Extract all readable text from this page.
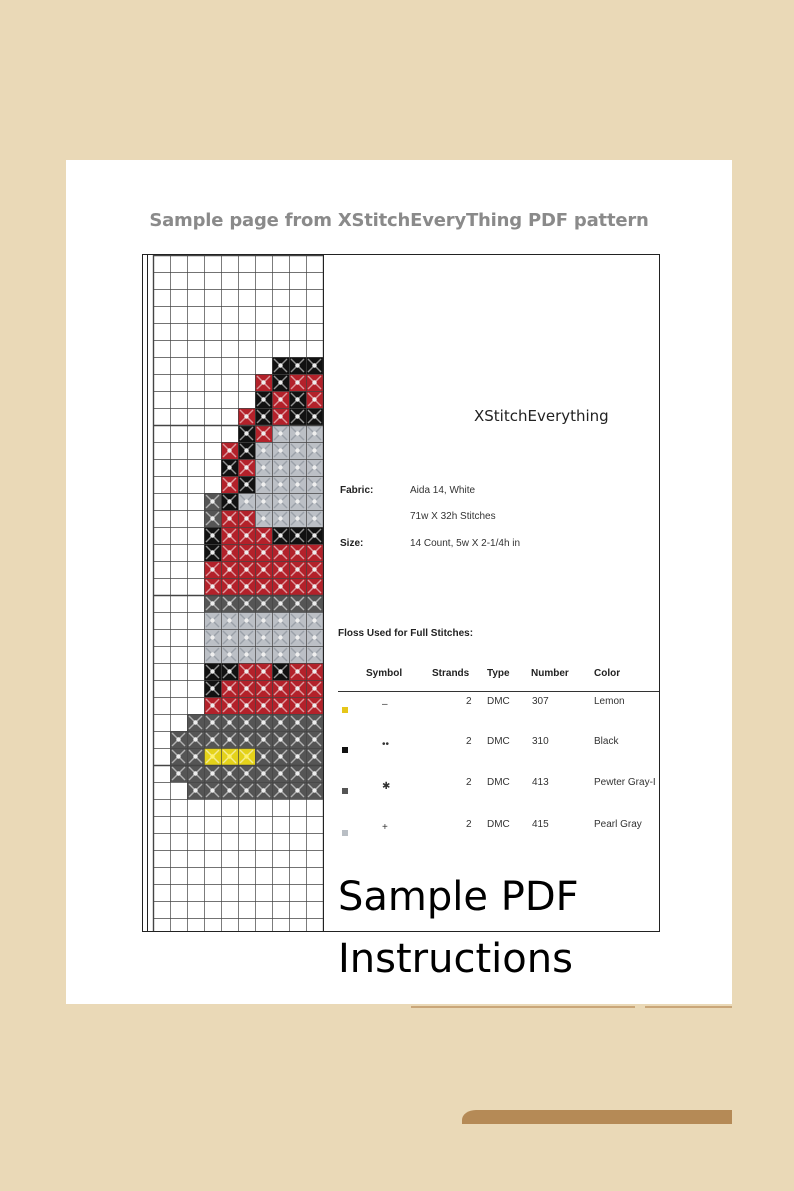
Sample page from XStitchEveryThing PDF pattern
XStitchEverything
Fabric:	Aida 14, White
71w X 32h Stitches
Size:	14 Count, 5w X 2-1/4h in
Floss Used for Full Stitches:
Symbol	Strands Type Number	Color
–	2 DMC 307	Lemon
••	2 DMC 310	Black
✱	2 DMC 413	Pewter Gray-I
+	2 DMC 415	Pearl Gray
Sample PDF
Instructions
